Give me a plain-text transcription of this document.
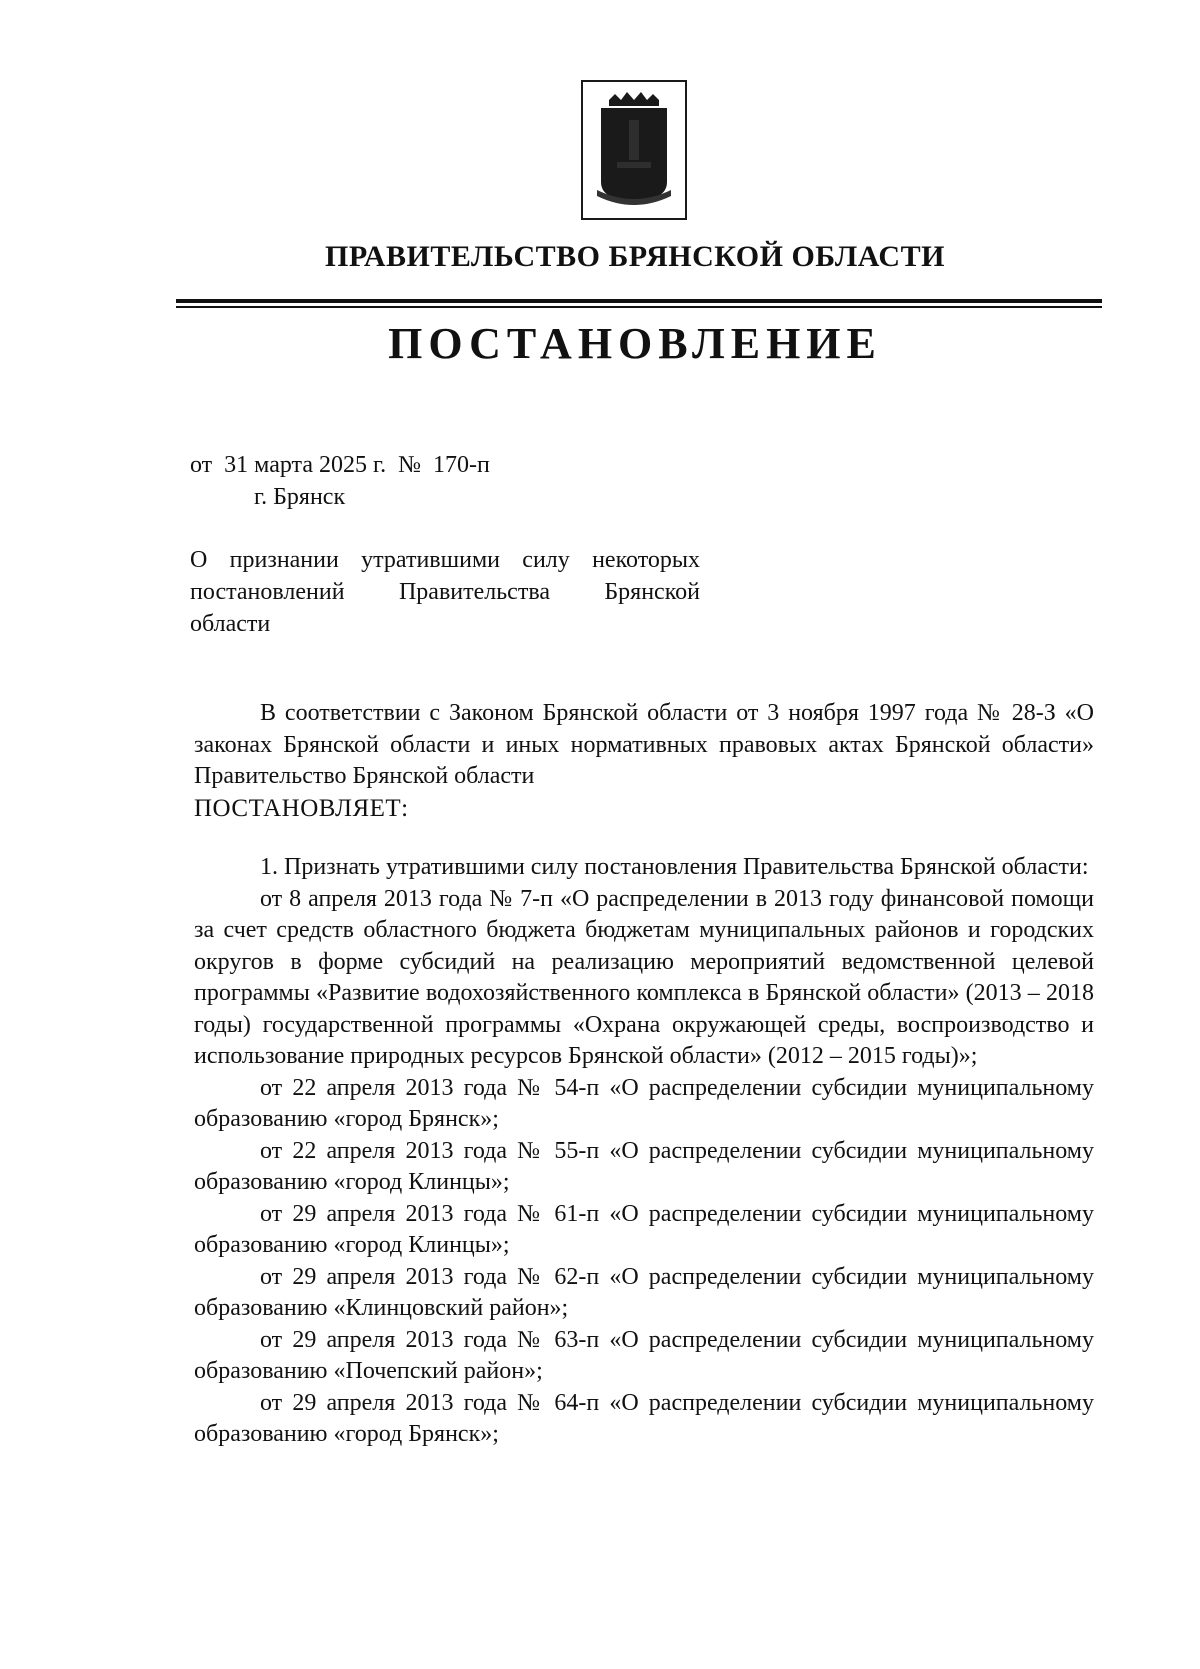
ПРАВИТЕЛЬСТВО БРЯНСКОЙ ОБЛАСТИ
ПОСТАНОВЛЕНИЕ
от  31 марта 2025 г.  №  170-п
г. Брянск
О признании утратившими силу некоторых
постановлений Правительства Брянской
области

В соответствии с Законом Брянской области от 3 ноября 1997 года № 28-З «О законах Брянской области и иных нормативных правовых актах Брянской области» Правительство Брянской области

ПОСТАНОВЛЯЕТ:

1. Признать утратившими силу постановления Правительства Брянской области:

от 8 апреля 2013 года № 7-п «О распределении в 2013 году финансовой помощи за счет средств областного бюджета бюджетам муниципальных районов и городских округов в форме субсидий на реализацию мероприятий ведомственной целевой программы «Развитие водохозяйственного комплекса в Брянской области» (2013 – 2018 годы) государственной программы «Охрана окружающей среды, воспроизводство и использование природных ресурсов Брянской области» (2012 – 2015 годы)»;

от 22 апреля 2013 года № 54-п «О распределении субсидии муниципальному образованию «город Брянск»;

от 22 апреля 2013 года № 55-п «О распределении субсидии муниципальному образованию «город Клинцы»;

от 29 апреля 2013 года № 61-п «О распределении субсидии муниципальному образованию «город Клинцы»;

от 29 апреля 2013 года № 62-п «О распределении субсидии муниципальному образованию «Клинцовский район»;

от 29 апреля 2013 года № 63-п «О распределении субсидии муниципальному образованию «Почепский район»;

от 29 апреля 2013 года № 64-п «О распределении субсидии муниципальному образованию «город Брянск»;
